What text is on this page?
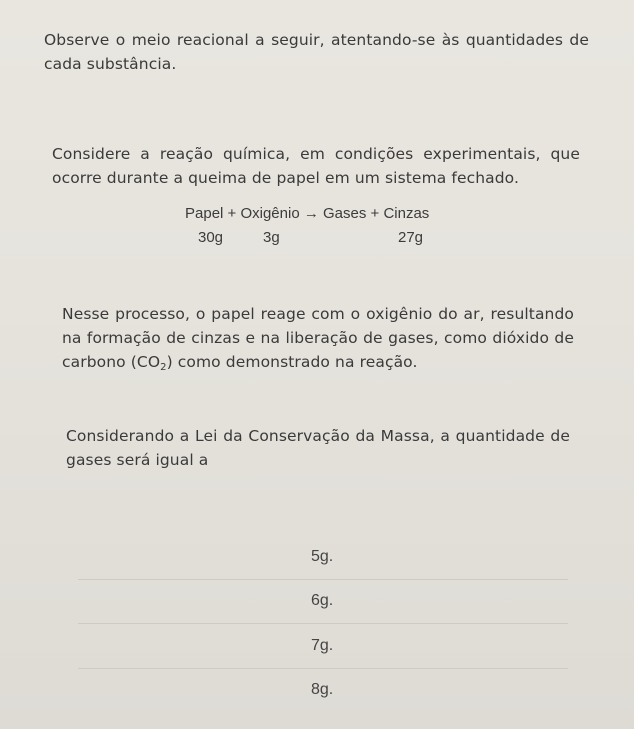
Observe o meio reacional a seguir, atentando-se às quantidades de cada substância.
Considere a reação química, em condições experimentais, que ocorre durante a queima de papel em um sistema fechado.
Papel + Oxigênio → Gases + Cinzas
30g	3g	27g
Nesse processo, o papel reage com o oxigênio do ar, resultando na formação de cinzas e na liberação de gases, como dióxido de carbono $(CO_2)$ como demonstrado na reação.
Considerando a Lei da Conservação da Massa, a quantidade de gases será igual a
5g.
6g.
7g.
8g.
